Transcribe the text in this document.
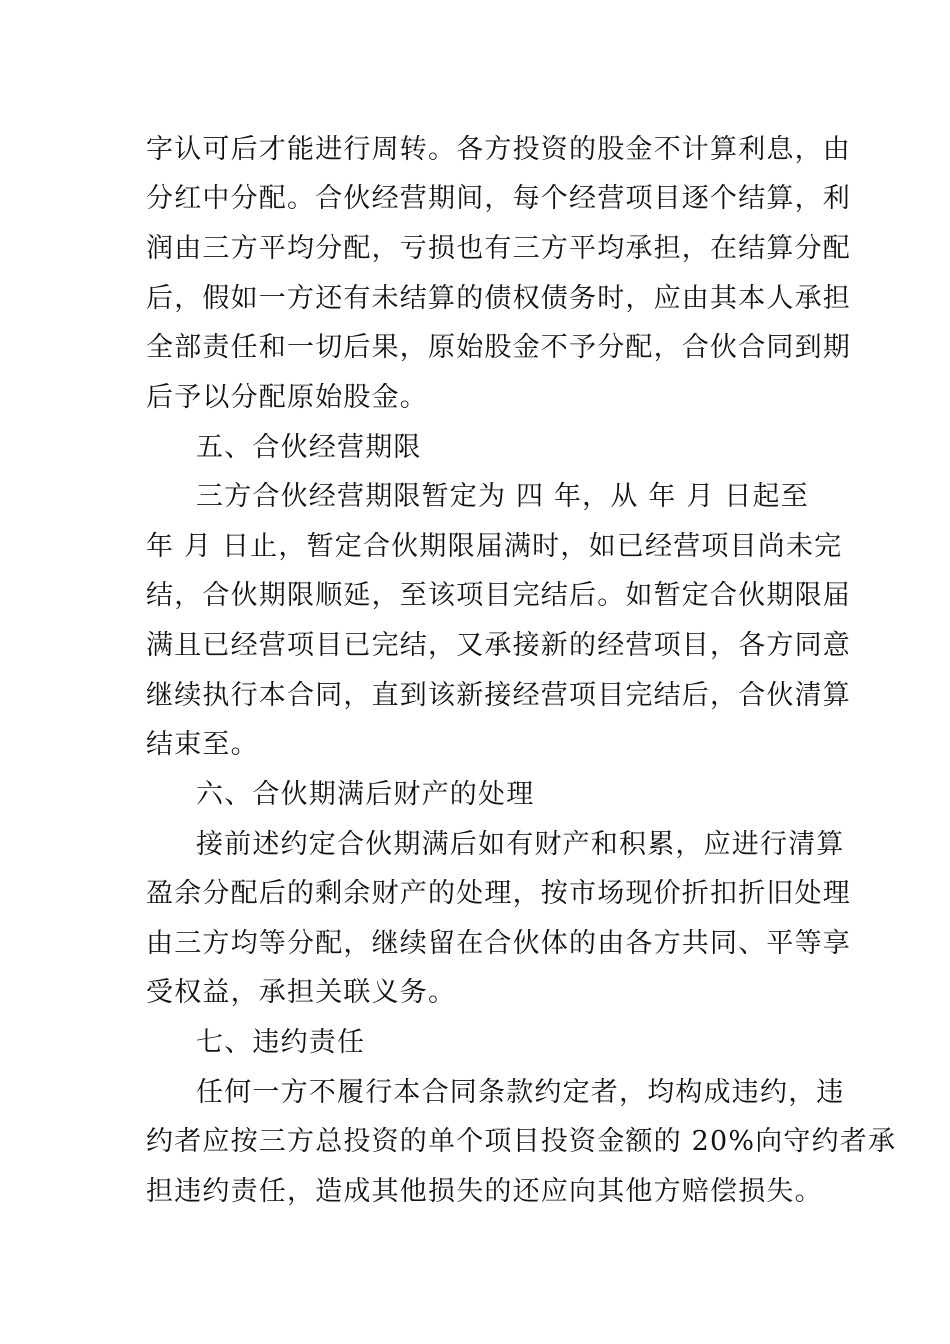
字认可后才能进行周转。各方投资的股金不计算利息，由
分红中分配。合伙经营期间，每个经营项目逐个结算，利
润由三方平均分配，亏损也有三方平均承担，在结算分配
后，假如一方还有未结算的债权债务时，应由其本人承担
全部责任和一切后果，原始股金不予分配，合伙合同到期
后予以分配原始股金。
五、合伙经营期限
三方合伙经营期限暂定为 四 年，从 年 月 日起至
年 月 日止，暂定合伙期限届满时，如已经营项目尚未完
结，合伙期限顺延，至该项目完结后。如暂定合伙期限届
满且已经营项目已完结，又承接新的经营项目，各方同意
继续执行本合同，直到该新接经营项目完结后，合伙清算
结束至。
六、合伙期满后财产的处理
接前述约定合伙期满后如有财产和积累，应进行清算
盈余分配后的剩余财产的处理，按市场现价折扣折旧处理
由三方均等分配，继续留在合伙体的由各方共同、平等享
受权益，承担关联义务。
七、违约责任
任何一方不履行本合同条款约定者，均构成违约，违
约者应按三方总投资的单个项目投资金额的 20%向守约者承
担违约责任，造成其他损失的还应向其他方赔偿损失。
